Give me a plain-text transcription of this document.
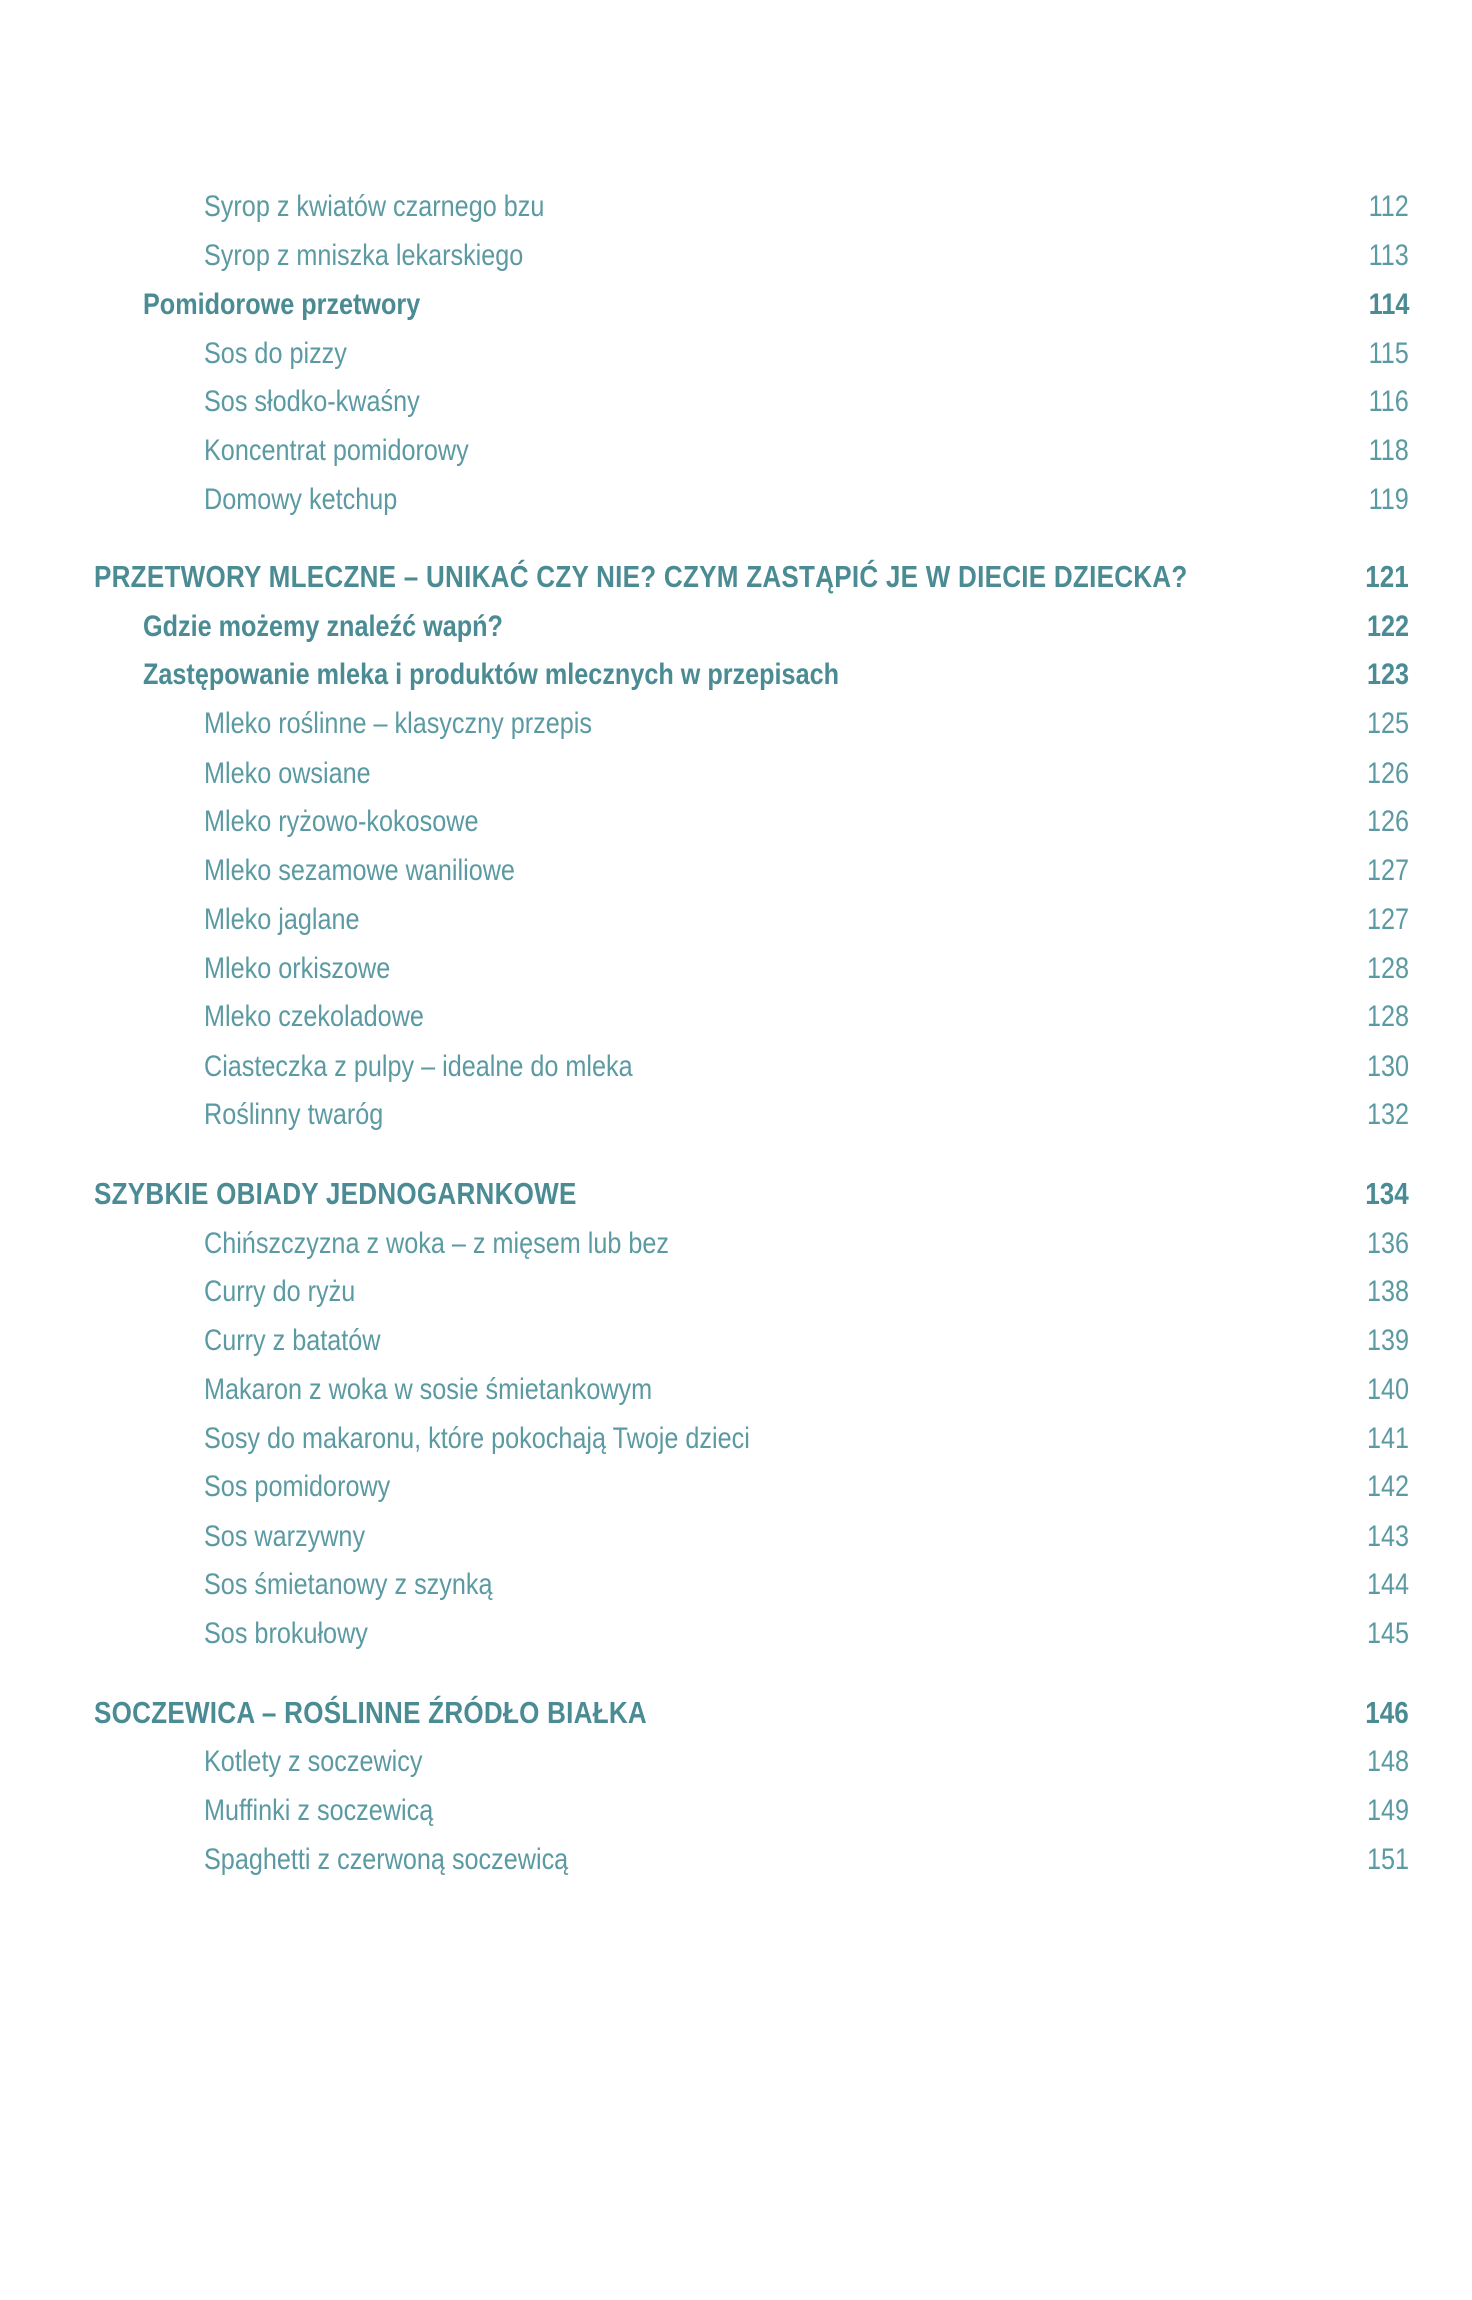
Syrop z kwiatów czarnego bzu	112
Syrop z mniszka lekarskiego	113
Pomidorowe przetwory	114
Sos do pizzy	115
Sos słodko-kwaśny	116
Koncentrat pomidorowy	118
Domowy ketchup	119
PRZETWORY MLECZNE – UNIKAĆ CZY NIE? CZYM ZASTĄPIĆ JE W DIECIE DZIECKA?	121
Gdzie możemy znaleźć wapń?	122
Zastępowanie mleka i produktów mlecznych w przepisach	123
Mleko roślinne – klasyczny przepis	125
Mleko owsiane	126
Mleko ryżowo-kokosowe	126
Mleko sezamowe waniliowe	127
Mleko jaglane	127
Mleko orkiszowe	128
Mleko czekoladowe	128
Ciasteczka z pulpy – idealne do mleka	130
Roślinny twaróg	132
SZYBKIE OBIADY JEDNOGARNKOWE	134
Chińszczyzna z woka – z mięsem lub bez	136
Curry do ryżu	138
Curry z batatów	139
Makaron z woka w sosie śmietankowym	140
Sosy do makaronu, które pokochają Twoje dzieci	141
Sos pomidorowy	142
Sos warzywny	143
Sos śmietanowy z szynką	144
Sos brokułowy	145
SOCZEWICA – ROŚLINNE ŹRÓDŁO BIAŁKA	146
Kotlety z soczewicy	148
Muffinki z soczewicą	149
Spaghetti z czerwoną soczewicą	151
